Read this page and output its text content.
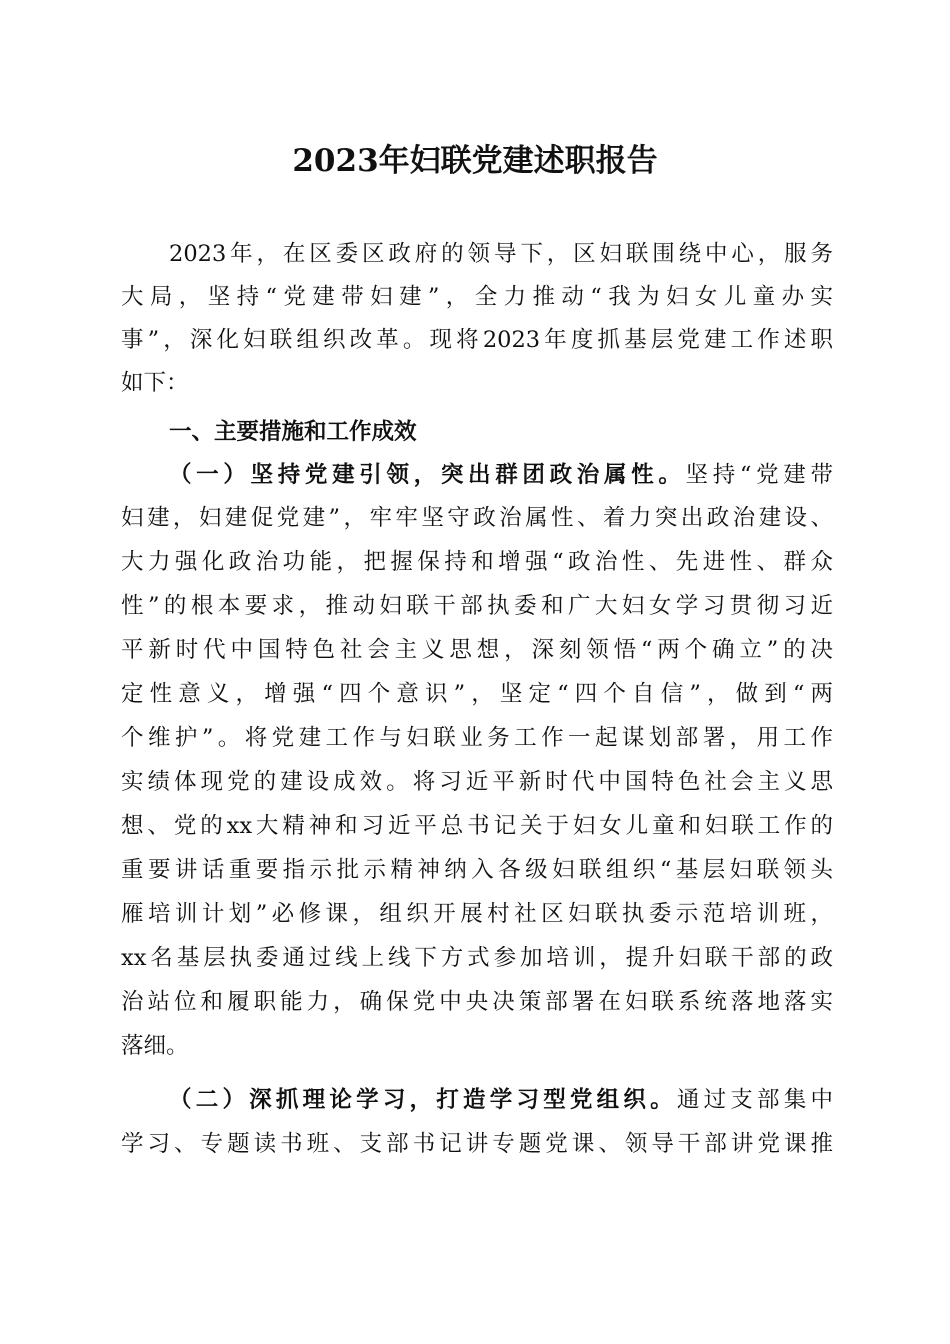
2023年妇联党建述职报告

2023年，在区委区政府的领导下，区妇联围绕中心，服务

大局，坚持“党建带妇建”，全力推动“我为妇女儿童办实

事”，深化妇联组织改革。现将2023年度抓基层党建工作述职

如下：

一、主要措施和工作成效

（一）坚持党建引领，突出群团政治属性。坚持“党建带

妇建，妇建促党建”，牢牢坚守政治属性、着力突出政治建设、

大力强化政治功能，把握保持和增强“政治性、先进性、群众

性”的根本要求，推动妇联干部执委和广大妇女学习贯彻习近

平新时代中国特色社会主义思想，深刻领悟“两个确立”的决

定性意义，增强“四个意识”，坚定“四个自信”，做到“两

个维护”。将党建工作与妇联业务工作一起谋划部署，用工作

实绩体现党的建设成效。将习近平新时代中国特色社会主义思

想、党的xx大精神和习近平总书记关于妇女儿童和妇联工作的

重要讲话重要指示批示精神纳入各级妇联组织“基层妇联领头

雁培训计划”必修课，组织开展村社区妇联执委示范培训班，

xx名基层执委通过线上线下方式参加培训，提升妇联干部的政

治站位和履职能力，确保党中央决策部署在妇联系统落地落实

落细。

（二）深抓理论学习，打造学习型党组织。通过支部集中

学习、专题读书班、支部书记讲专题党课、领导干部讲党课推
